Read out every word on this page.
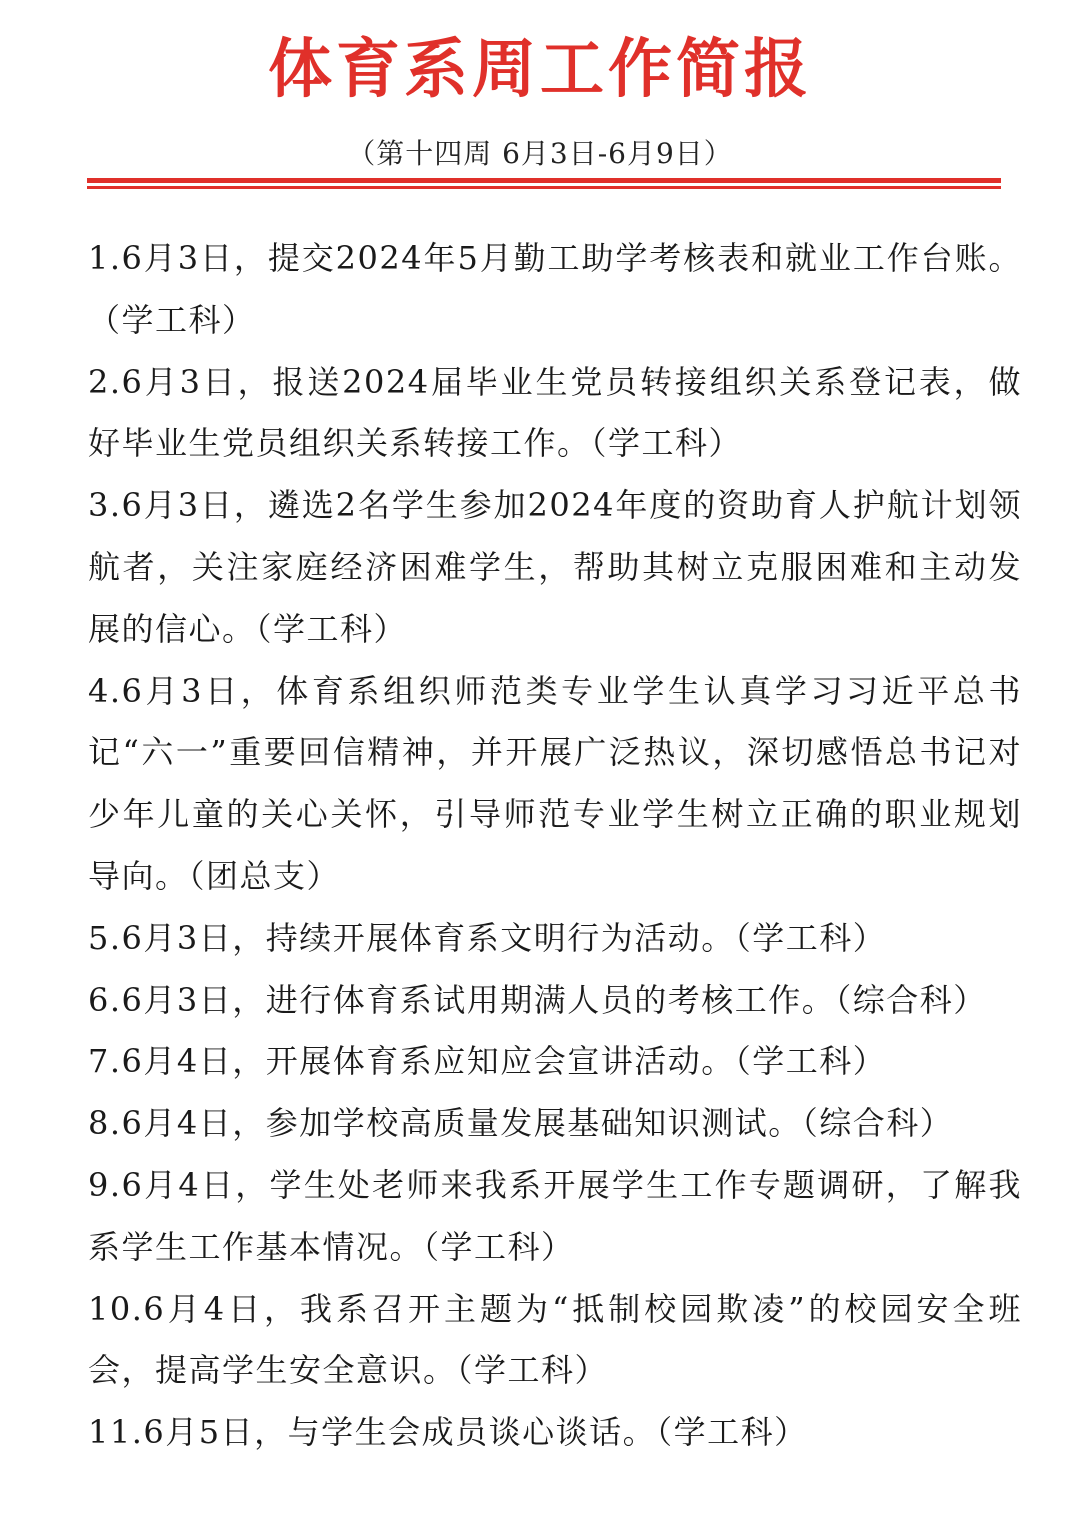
体育系周工作简报
（第十四周 6月3日-6月9日）
1.6月3日，提交2024年5月勤工助学考核表和就业工作台账。（学工科）
2.6月3日，报送2024届毕业生党员转接组织关系登记表，做好毕业生党员组织关系转接工作。（学工科）
3.6月3日，遴选2名学生参加2024年度的资助育人护航计划领航者，关注家庭经济困难学生，帮助其树立克服困难和主动发展的信心。（学工科）
4.6月3日，体育系组织师范类专业学生认真学习习近平总书记“六一”重要回信精神，并开展广泛热议，深切感悟总书记对少年儿童的关心关怀，引导师范专业学生树立正确的职业规划导向。（团总支）
5.6月3日，持续开展体育系文明行为活动。（学工科）
6.6月3日，进行体育系试用期满人员的考核工作。（综合科）
7.6月4日，开展体育系应知应会宣讲活动。（学工科）
8.6月4日，参加学校高质量发展基础知识测试。（综合科）
9.6月4日，学生处老师来我系开展学生工作专题调研，了解我系学生工作基本情况。（学工科）
10.6月4日，我系召开主题为“抵制校园欺凌”的校园安全班会，提高学生安全意识。（学工科）
11.6月5日，与学生会成员谈心谈话。（学工科）
